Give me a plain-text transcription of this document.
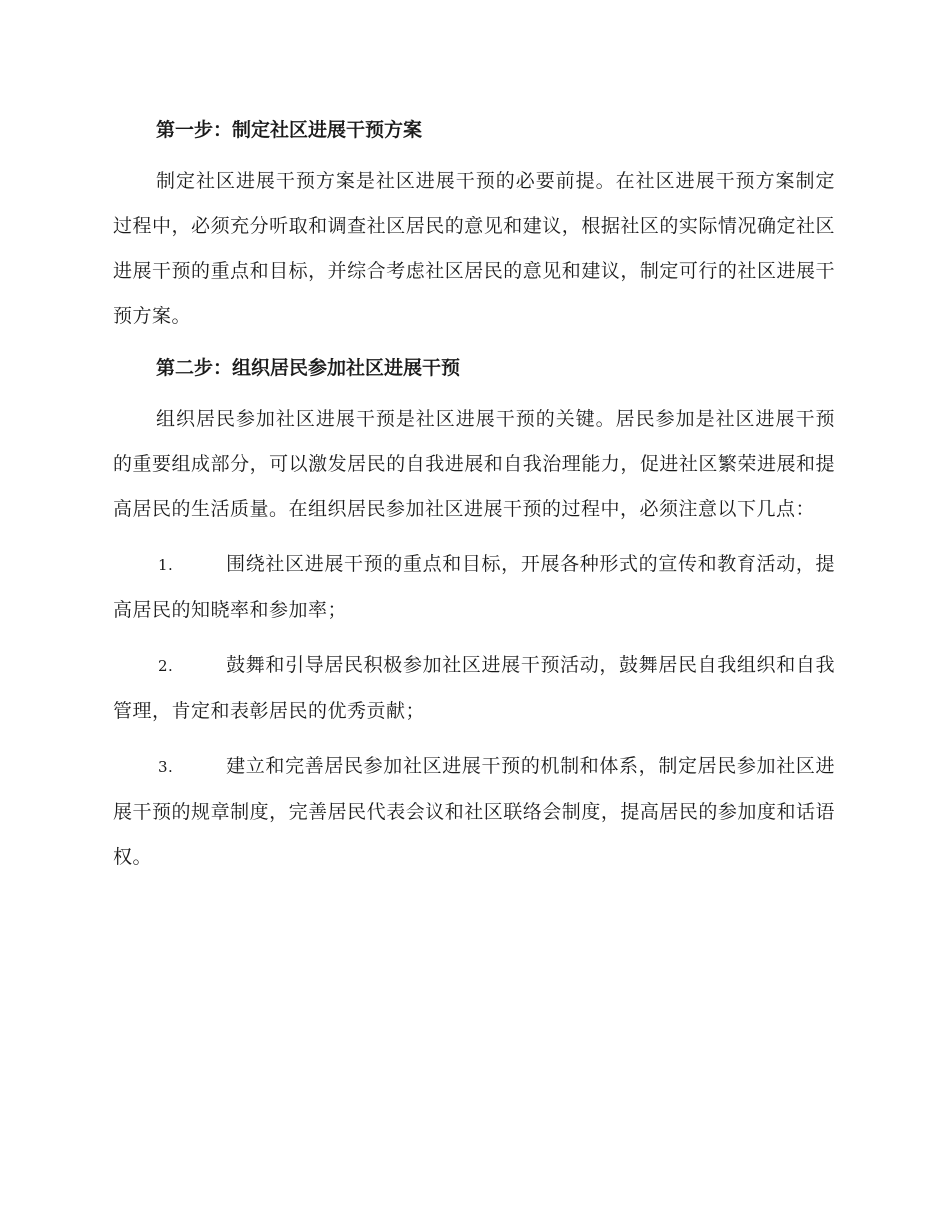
第一步：制定社区进展干预方案

制定社区进展干预方案是社区进展干预的必要前提。在社区进展干预方案制定过程中，必须充分听取和调查社区居民的意见和建议，根据社区的实际情况确定社区进展干预的重点和目标，并综合考虑社区居民的意见和建议，制定可行的社区进展干预方案。

第二步：组织居民参加社区进展干预

组织居民参加社区进展干预是社区进展干预的关键。居民参加是社区进展干预的重要组成部分，可以激发居民的自我进展和自我治理能力，促进社区繁荣进展和提高居民的生活质量。在组织居民参加社区进展干预的过程中，必须注意以下几点：

1.	围绕社区进展干预的重点和目标，开展各种形式的宣传和教育活动，提高居民的知晓率和参加率；
2.	鼓舞和引导居民积极参加社区进展干预活动，鼓舞居民自我组织和自我管理，肯定和表彰居民的优秀贡献；
3.	建立和完善居民参加社区进展干预的机制和体系，制定居民参加社区进展干预的规章制度，完善居民代表会议和社区联络会制度，提高居民的参加度和话语权。
